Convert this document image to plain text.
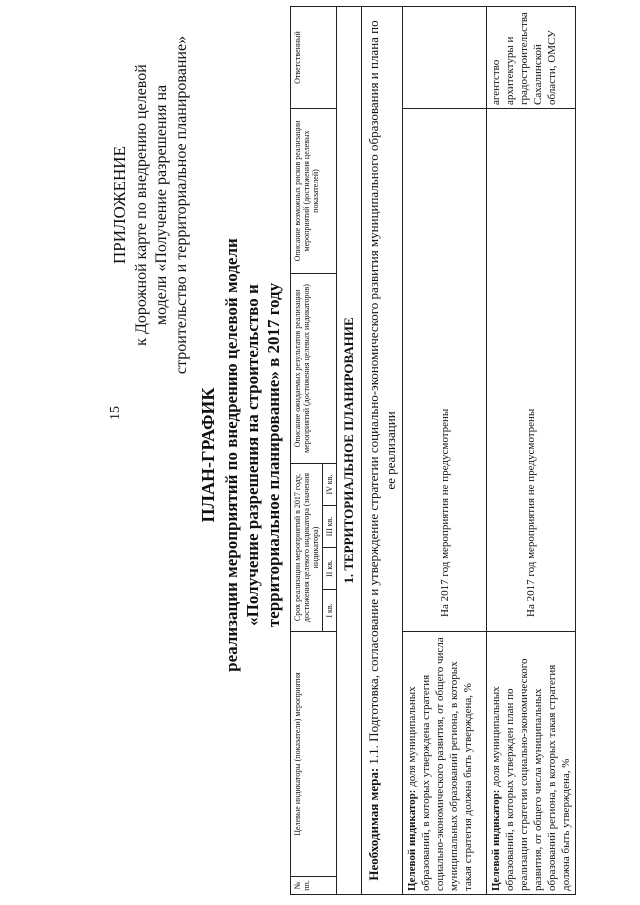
15
ПРИЛОЖЕНИЕ к Дорожной карте по внедрению целевой модели «Получение разрешения на строительство и территориальное планирование»
ПЛАН-ГРАФИК реализации мероприятий по внедрению целевой модели «Получение разрешения на строительство и территориальное планирование» в 2017 году
№ пп.	Целевые индикаторы (показатели) мероприятия	Срок реализации мероприятий в 2017 году, достижения целевого индикатора (значения индикатора)				Описание ожидаемых результатов реализации мероприятий (достижения целевых индикаторов)	Описание возможных рисков реализации мероприятий (достижения целевых показателей)	Ответственный
		I кв.	II кв.	III кв.	IV кв.			
1. ТЕРРИТОРИАЛЬНОЕ ПЛАНИРОВАНИЕ								
Необходимая мера: 1.1. Подготовка, согласование и утверждение стратегии социально-экономического развития муниципального образования и плана по ее реализации								
Целевой индикатор: доля муниципальных образований, в которых утверждена стратегия социально-экономического развития, от общего числа муниципальных образований региона, в которых такая стратегия должна быть утверждена, %		На 2017 год мероприятия не предусмотрены						
Целевой индикатор: доля муниципальных образований, в которых утвержден план по реализации стратегии социально-экономического развития, от общего числа муниципальных образований региона, в которых такая стратегия должна быть утверждена, %		На 2017 год мероприятия не предусмотрены						агентство архитектуры и градостроительства Сахалинской области, ОМСУ
